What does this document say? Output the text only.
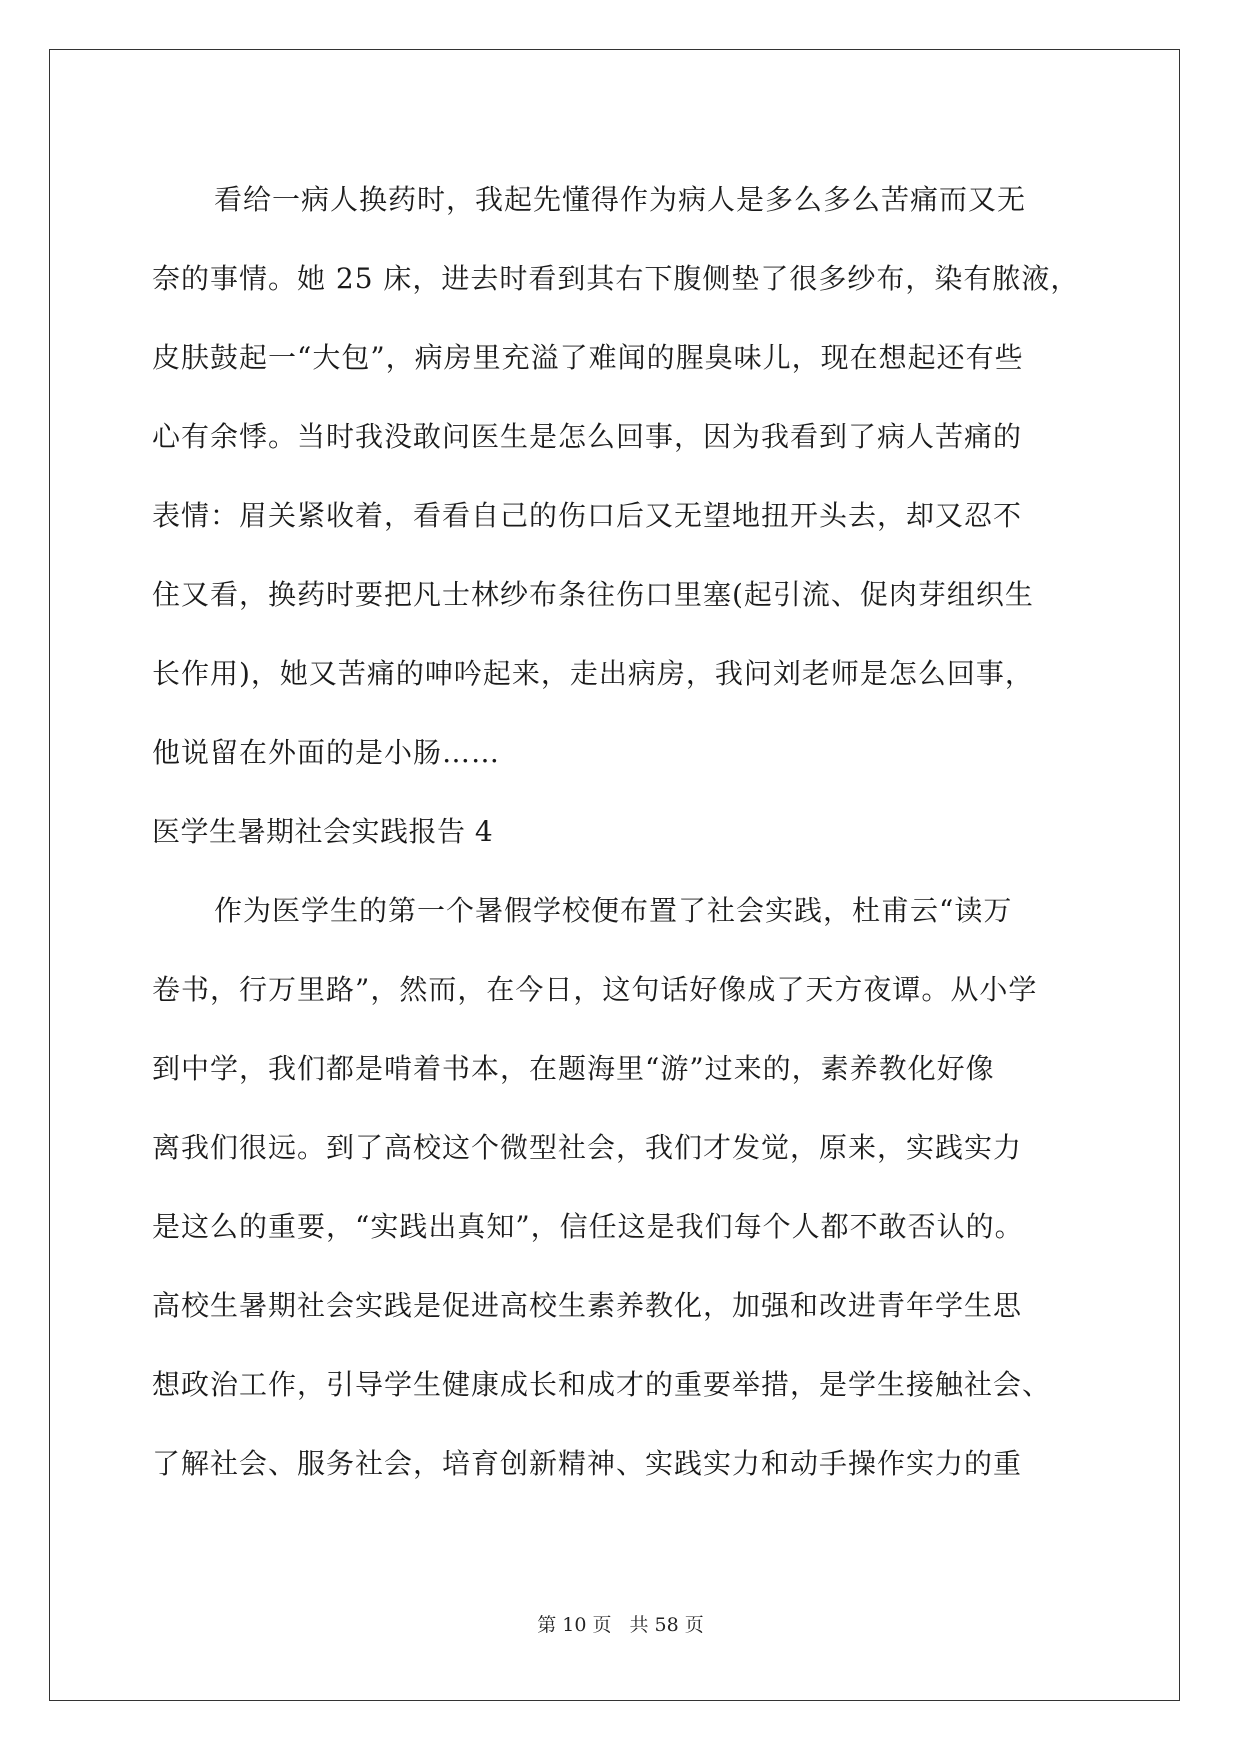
看给一病人换药时，我起先懂得作为病人是多么多么苦痛而又无

奈的事情。她 25 床，进去时看到其右下腹侧垫了很多纱布，染有脓液，

皮肤鼓起一“大包”，病房里充溢了难闻的腥臭味儿，现在想起还有些

心有余悸。当时我没敢问医生是怎么回事，因为我看到了病人苦痛的

表情：眉关紧收着，看看自己的伤口后又无望地扭开头去，却又忍不

住又看，换药时要把凡士林纱布条往伤口里塞(起引流、促肉芽组织生

长作用)，她又苦痛的呻吟起来，走出病房，我问刘老师是怎么回事，

他说留在外面的是小肠……

医学生暑期社会实践报告 4

作为医学生的第一个暑假学校便布置了社会实践，杜甫云“读万

卷书，行万里路”，然而，在今日，这句话好像成了天方夜谭。从小学

到中学，我们都是啃着书本，在题海里“游”过来的，素养教化好像

离我们很远。到了高校这个微型社会，我们才发觉，原来，实践实力

是这么的重要，“实践出真知”，信任这是我们每个人都不敢否认的。

高校生暑期社会实践是促进高校生素养教化，加强和改进青年学生思

想政治工作，引导学生健康成长和成才的重要举措，是学生接触社会、

了解社会、服务社会，培育创新精神、实践实力和动手操作实力的重

第 10 页 共 58 页
